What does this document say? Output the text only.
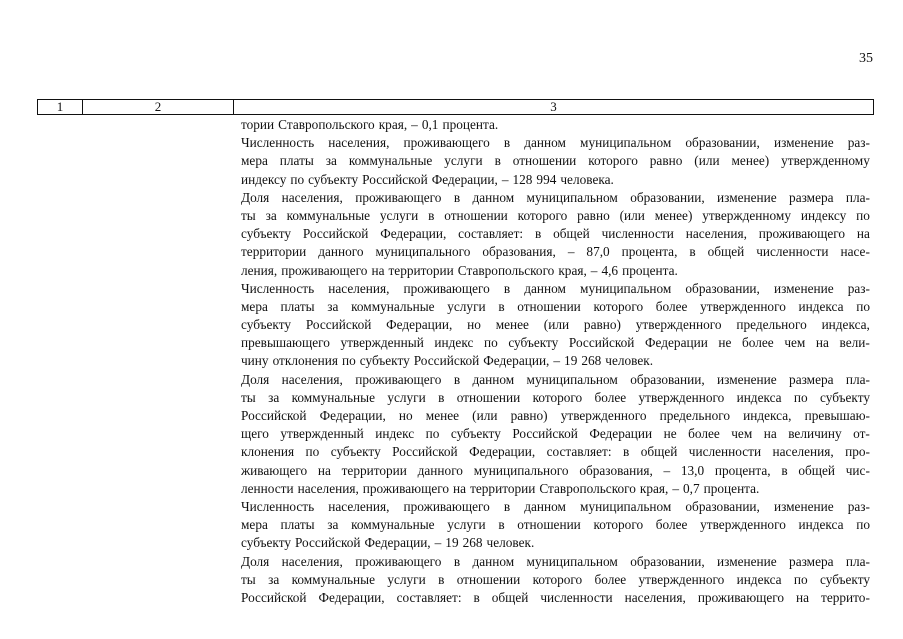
35
1	2	3
тории Ставропольского края, – 0,1 процента.
Численность населения, проживающего в данном муниципальном образовании, изменение раз-
мера платы за коммунальные услуги в отношении которого равно (или менее) утвержденному
индексу по субъекту Российской Федерации, – 128 994 человека.
Доля населения, проживающего в данном муниципальном образовании, изменение размера пла-
ты за коммунальные услуги в отношении которого равно (или менее) утвержденному индексу по
субъекту Российской Федерации, составляет: в общей численности населения, проживающего на
территории данного муниципального образования, – 87,0 процента, в общей численности насе-
ления, проживающего на территории Ставропольского края, – 4,6 процента.
Численность населения, проживающего в данном муниципальном образовании, изменение раз-
мера платы за коммунальные услуги в отношении которого более утвержденного индекса по
субъекту Российской Федерации, но менее (или равно) утвержденного предельного индекса,
превышающего утвержденный индекс по субъекту Российской Федерации не более чем на вели-
чину отклонения по субъекту Российской Федерации, – 19 268 человек.
Доля населения, проживающего в данном муниципальном образовании, изменение размера пла-
ты за коммунальные услуги в отношении которого более утвержденного индекса по субъекту
Российской Федерации, но менее (или равно) утвержденного предельного индекса, превышаю-
щего утвержденный индекс по субъекту Российской Федерации не более чем на величину от-
клонения по субъекту Российской Федерации, составляет: в общей численности населения, про-
живающего на территории данного муниципального образования, – 13,0 процента, в общей чис-
ленности населения, проживающего на территории Ставропольского края, – 0,7 процента.
Численность населения, проживающего в данном муниципальном образовании, изменение раз-
мера платы за коммунальные услуги в отношении которого более утвержденного индекса по
субъекту Российской Федерации, – 19 268 человек.
Доля населения, проживающего в данном муниципальном образовании, изменение размера пла-
ты за коммунальные услуги в отношении которого более утвержденного индекса по субъекту
Российской Федерации, составляет: в общей численности населения, проживающего на террито-
